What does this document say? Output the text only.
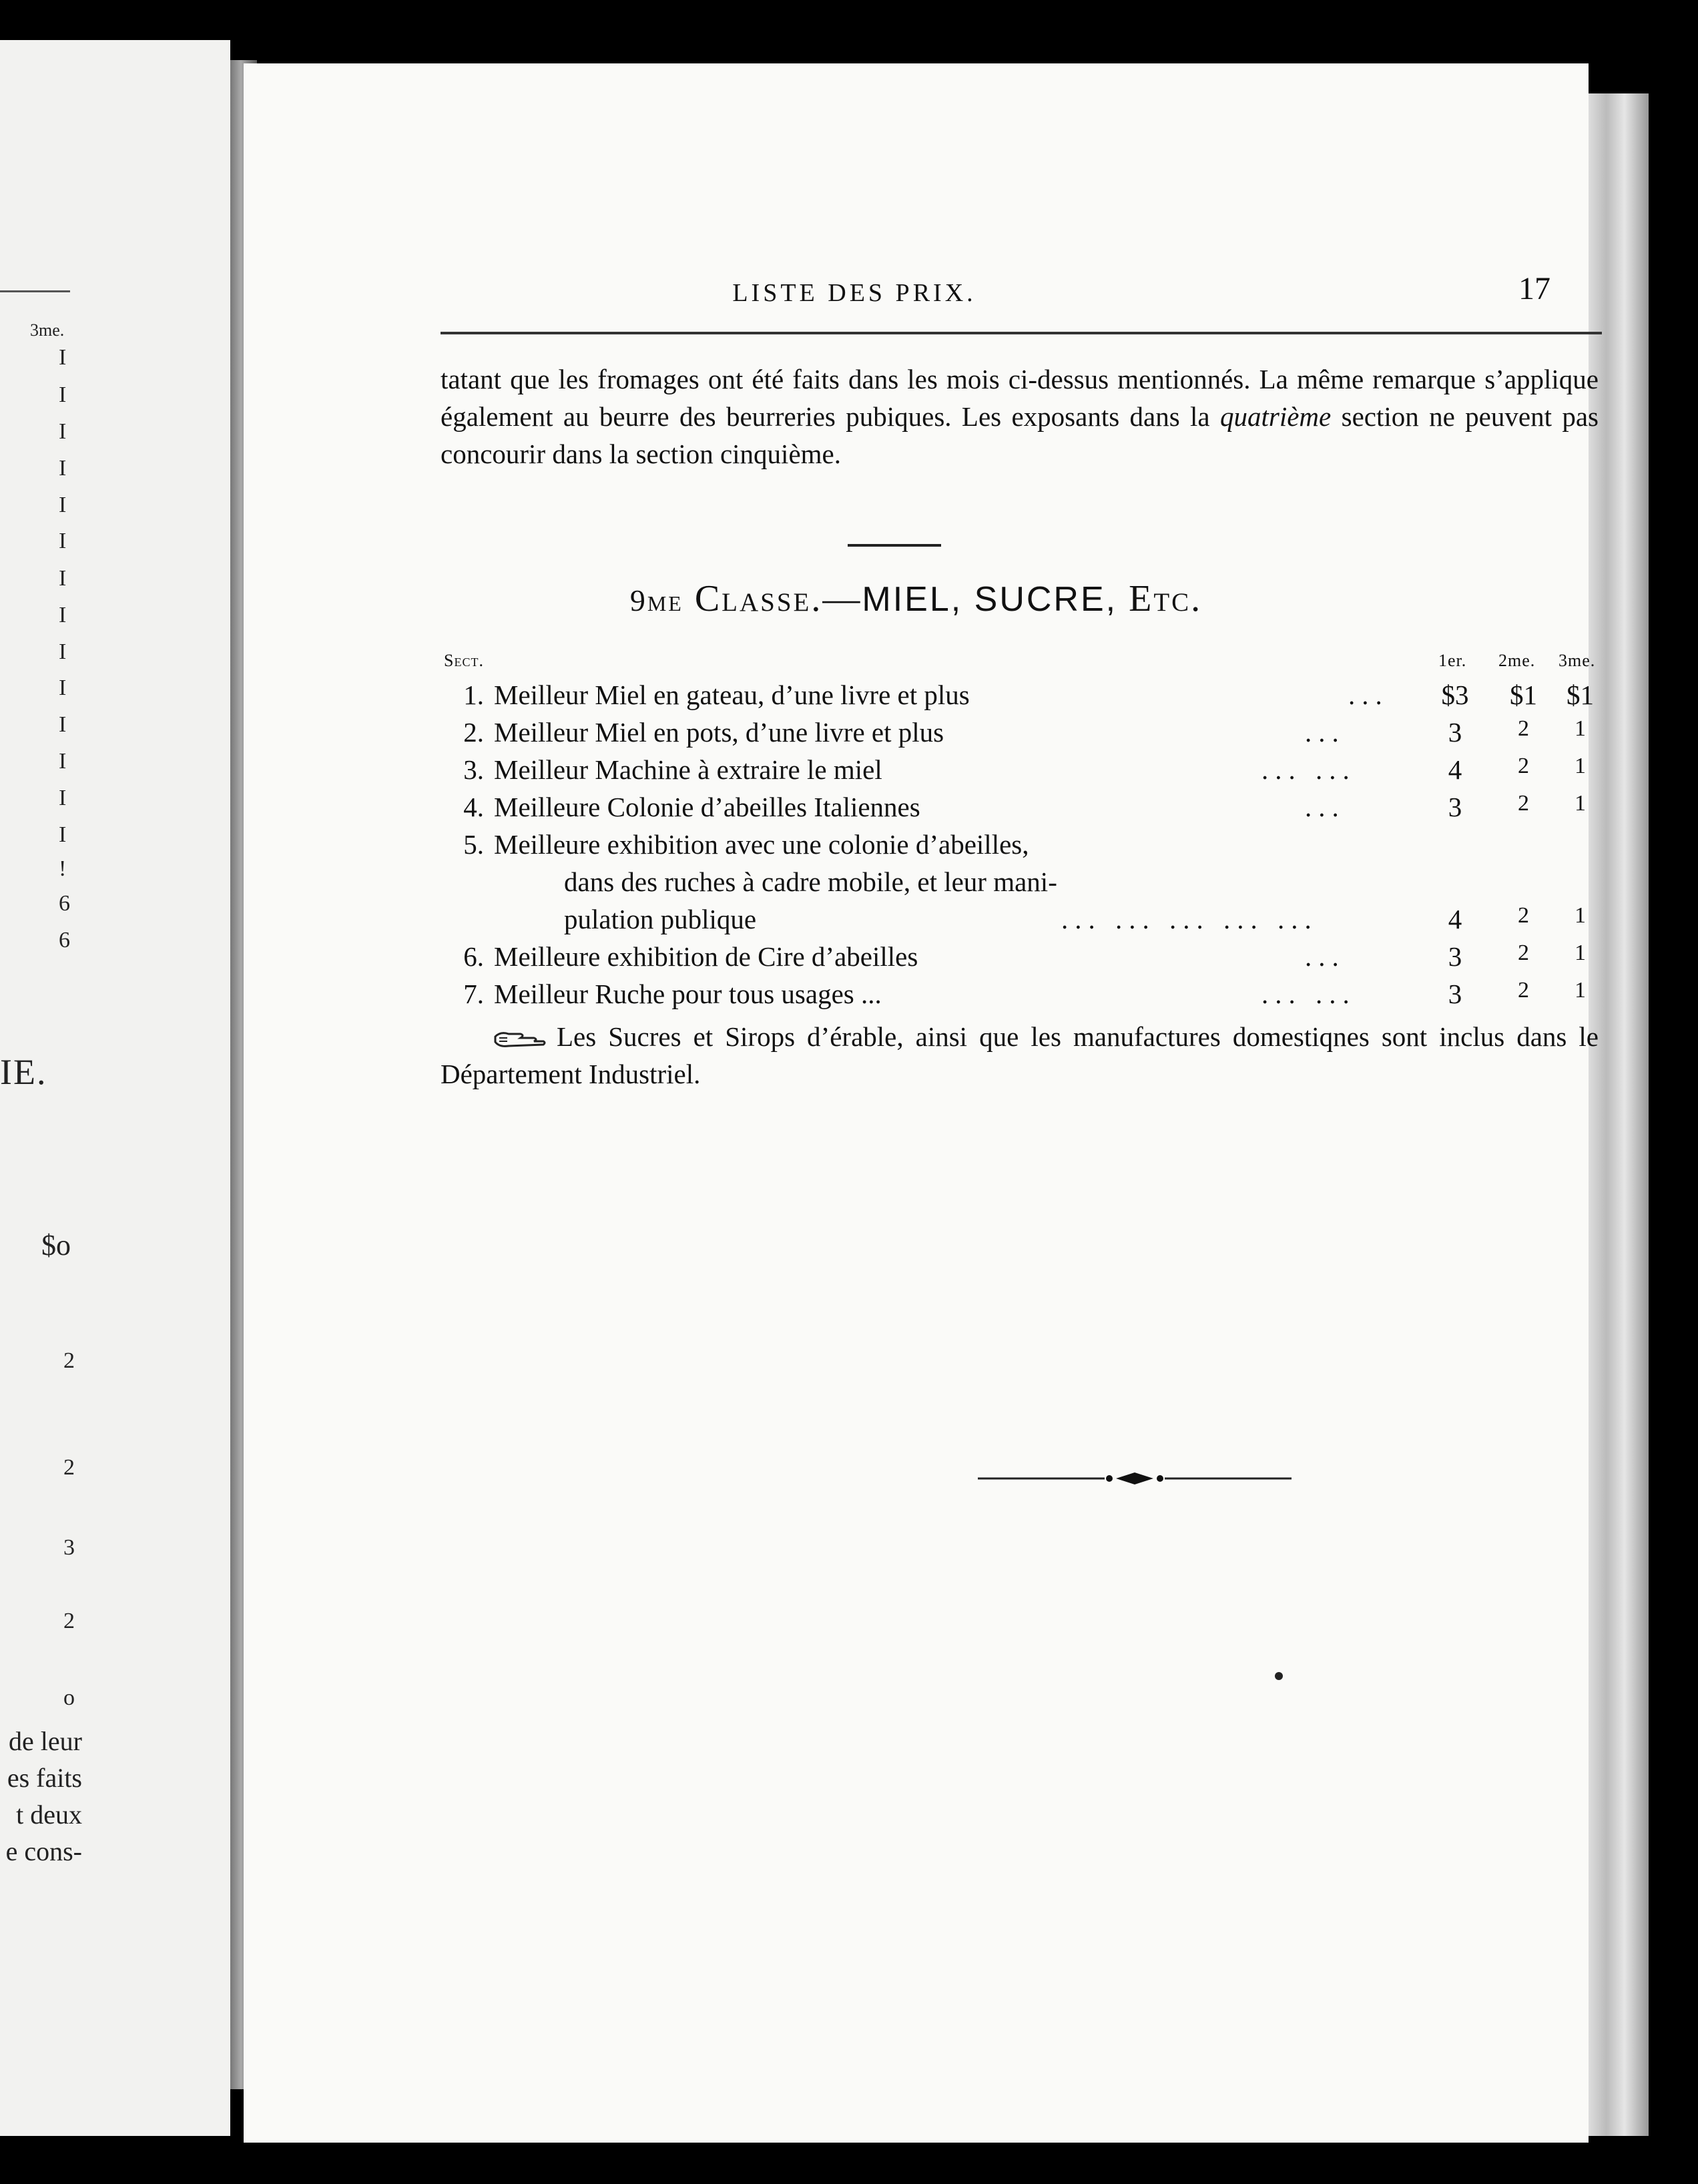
3me.
I
I
I
I
I
I
I
I
I
I
I
I
I
I
!
6
6
IE.
$o
2
2
3
2
o
de leur
es faits
t deux
e cons-
LISTE DES PRIX.	17

tatant que les fromages ont été faits dans les mois ci-dessus mentionnés. La même remarque s’applique également au beurre des beurreries pubiques. Les exposants dans la quatrième section ne peuvent pas concourir dans la section cinquième.

9me Classe.—MIEL, SUCRE, Etc.
Sect.	1er. 2me. 3me.
1. Meilleur Miel en gateau, d’une livre et plus	...	$3	$1	$1
2. Meilleur Miel en pots, d’une livre et plus	...	3	2	1
3. Meilleur Machine à extraire le miel	... ...	4	2	1
4. Meilleure Colonie d’abeilles Italiennes	...	3	2	1
5. Meilleure exhibition avec une colonie d’abeilles,
dans des ruches à cadre mobile, et leur mani-
pulation publique	... ... ... ... ...	4	2	1
6. Meilleure exhibition de Cire d’abeilles	...	3	2	1
7. Meilleur Ruche pour tous usages ...	... ...	3	2	1
Les Sucres et Sirops d’érable, ainsi que les manufactures domestiqnes sont inclus dans le Département Industriel.
